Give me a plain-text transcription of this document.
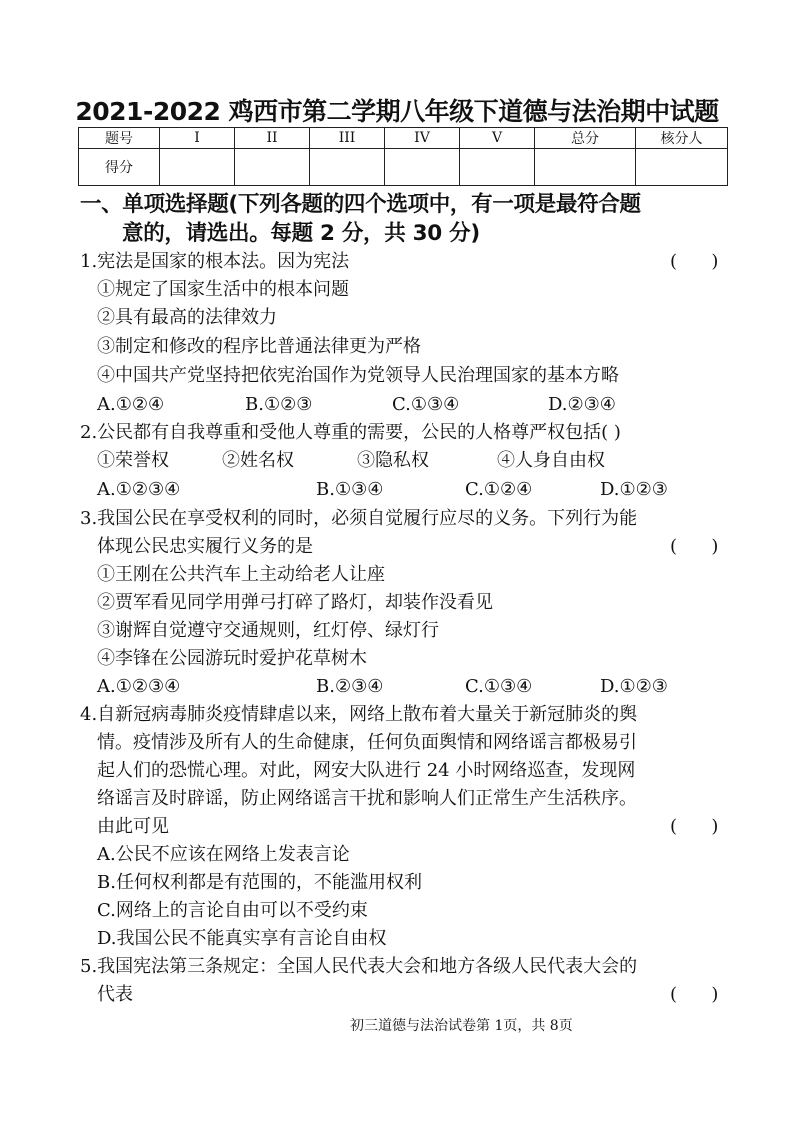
2021-2022 鸡西市第二学期八年级下道德与法治期中试题
题号	I	II	III	IV	V	总分	核分人
得分							
一、单项选择题(下列各题的四个选项中，有一项是最符合题
意的，请选出。每题 2 分，共 30 分)
1.宪法是国家的根本法。因为宪法	(      )
①规定了国家生活中的根本问题
②具有最高的法律效力
③制定和修改的程序比普通法律更为严格
④中国共产党坚持把依宪治国作为党领导人民治理国家的基本方略
A.①②④	B.①②③	C.①③④	D.②③④
2.公民都有自我尊重和受他人尊重的需要，公民的人格尊严权包括( )
①荣誉权	②姓名权	③隐私权	④人身自由权
A.①②③④	B.①③④	C.①②④	D.①②③
3.我国公民在享受权利的同时，必须自觉履行应尽的义务。下列行为能
体现公民忠实履行义务的是	(      )
①王刚在公共汽车上主动给老人让座
②贾军看见同学用弹弓打碎了路灯，却装作没看见
③谢辉自觉遵守交通规则，红灯停、绿灯行
④李锋在公园游玩时爱护花草树木
A.①②③④	B.②③④	C.①③④	D.①②③
4.自新冠病毒肺炎疫情肆虐以来，网络上散布着大量关于新冠肺炎的舆
情。疫情涉及所有人的生命健康，任何负面舆情和网络谣言都极易引
起人们的恐慌心理。对此，网安大队进行 24 小时网络巡查，发现网
络谣言及时辟谣，防止网络谣言干扰和影响人们正常生产生活秩序。
由此可见	(      )
A.公民不应该在网络上发表言论
B.任何权利都是有范围的，不能滥用权利
C.网络上的言论自由可以不受约束
D.我国公民不能真实享有言论自由权
5.我国宪法第三条规定：全国人民代表大会和地方各级人民代表大会的
代表	(      )
初三道德与法治试卷第 1页，共 8页
